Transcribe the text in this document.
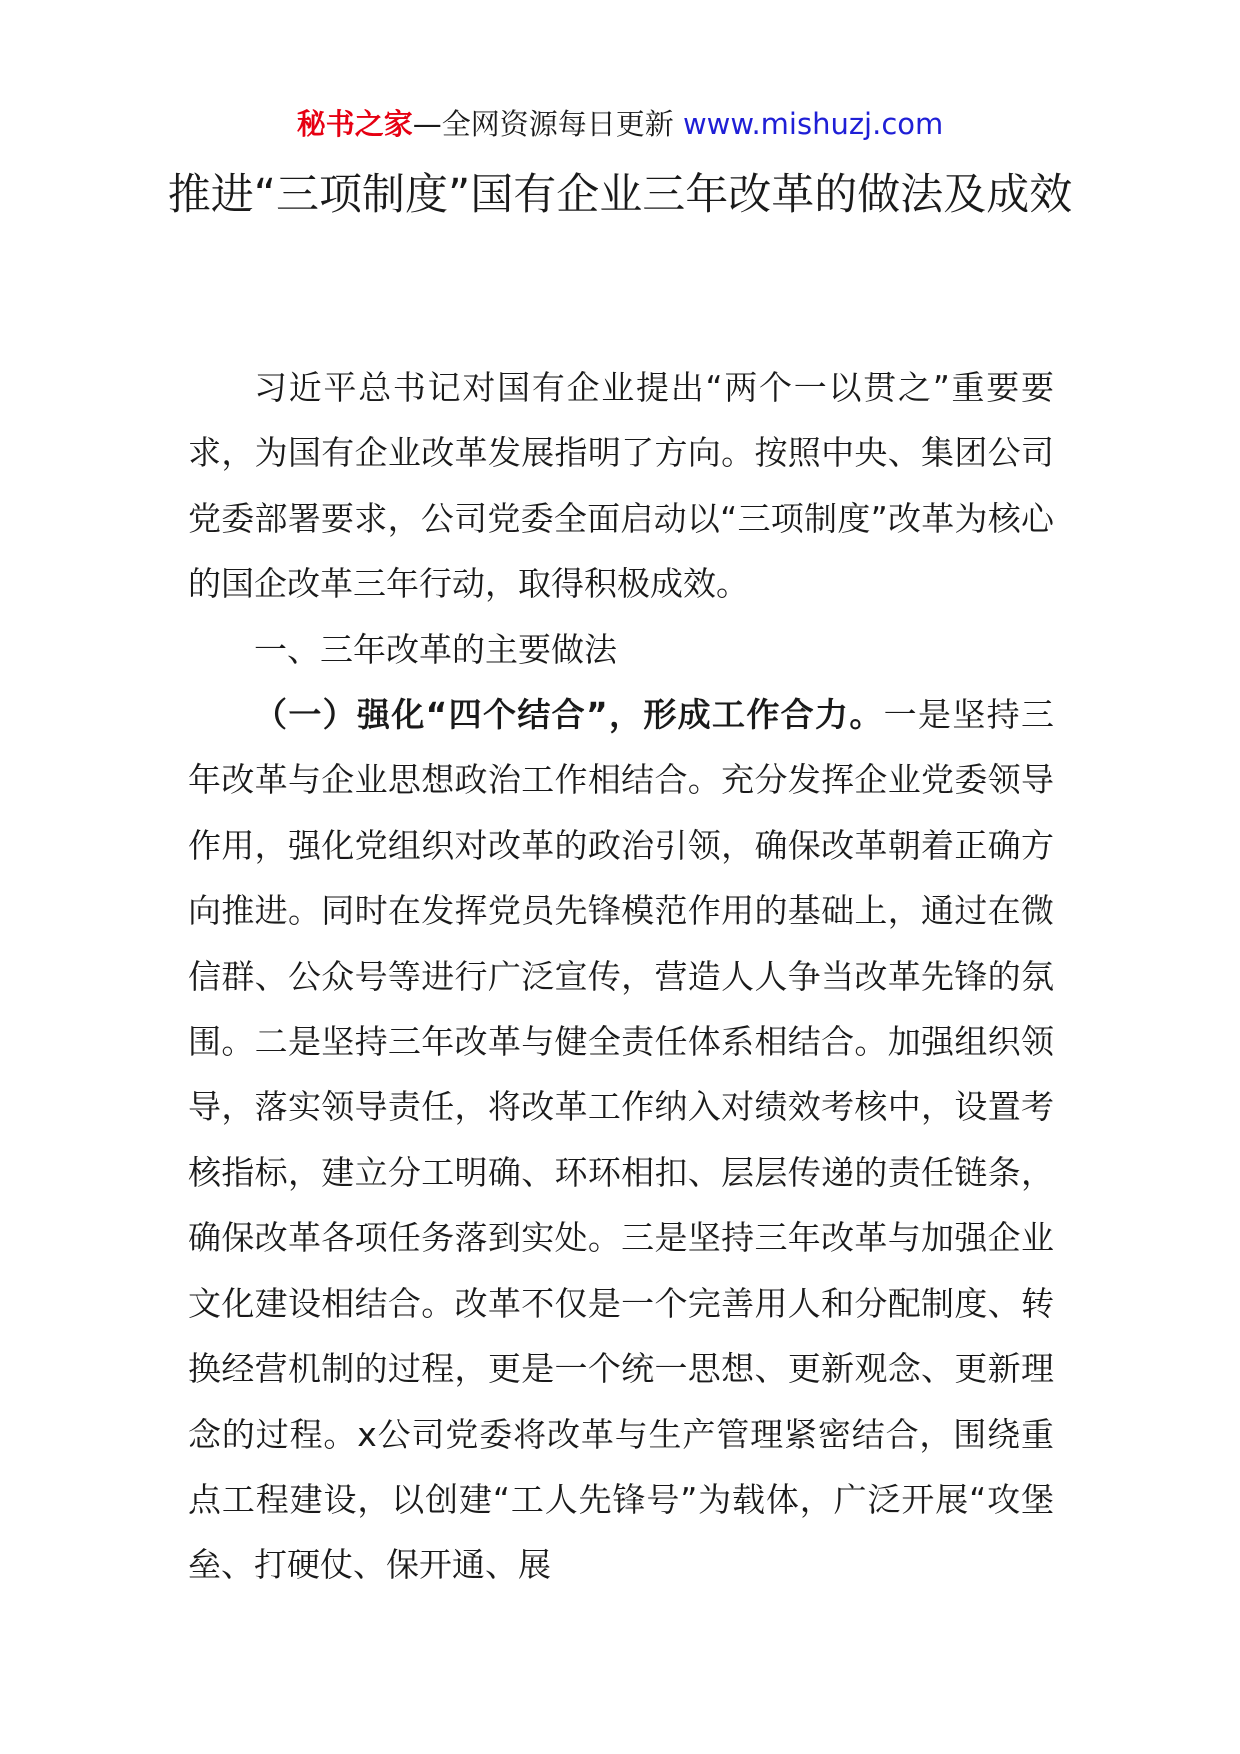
秘书之家—全网资源每日更新 www.mishuzj.com
推进“三项制度”国有企业三年改革的做法及成效

习近平总书记对国有企业提出“两个一以贯之”重要要求，为国有企业改革发展指明了方向。按照中央、集团公司党委部署要求，公司党委全面启动以“三项制度”改革为核心的国企改革三年行动，取得积极成效。

一、三年改革的主要做法

（一）强化“四个结合”，形成工作合力。一是坚持三年改革与企业思想政治工作相结合。充分发挥企业党委领导作用，强化党组织对改革的政治引领，确保改革朝着正确方向推进。同时在发挥党员先锋模范作用的基础上，通过在微信群、公众号等进行广泛宣传，营造人人争当改革先锋的氛围。二是坚持三年改革与健全责任体系相结合。加强组织领导，落实领导责任，将改革工作纳入对绩效考核中，设置考核指标，建立分工明确、环环相扣、层层传递的责任链条，确保改革各项任务落到实处。三是坚持三年改革与加强企业文化建设相结合。改革不仅是一个完善用人和分配制度、转换经营机制的过程，更是一个统一思想、更新观念、更新理念的过程。x公司党委将改革与生产管理紧密结合，围绕重点工程建设，以创建“工人先锋号”为载体，广泛开展“攻堡垒、打硬仗、保开通、展
